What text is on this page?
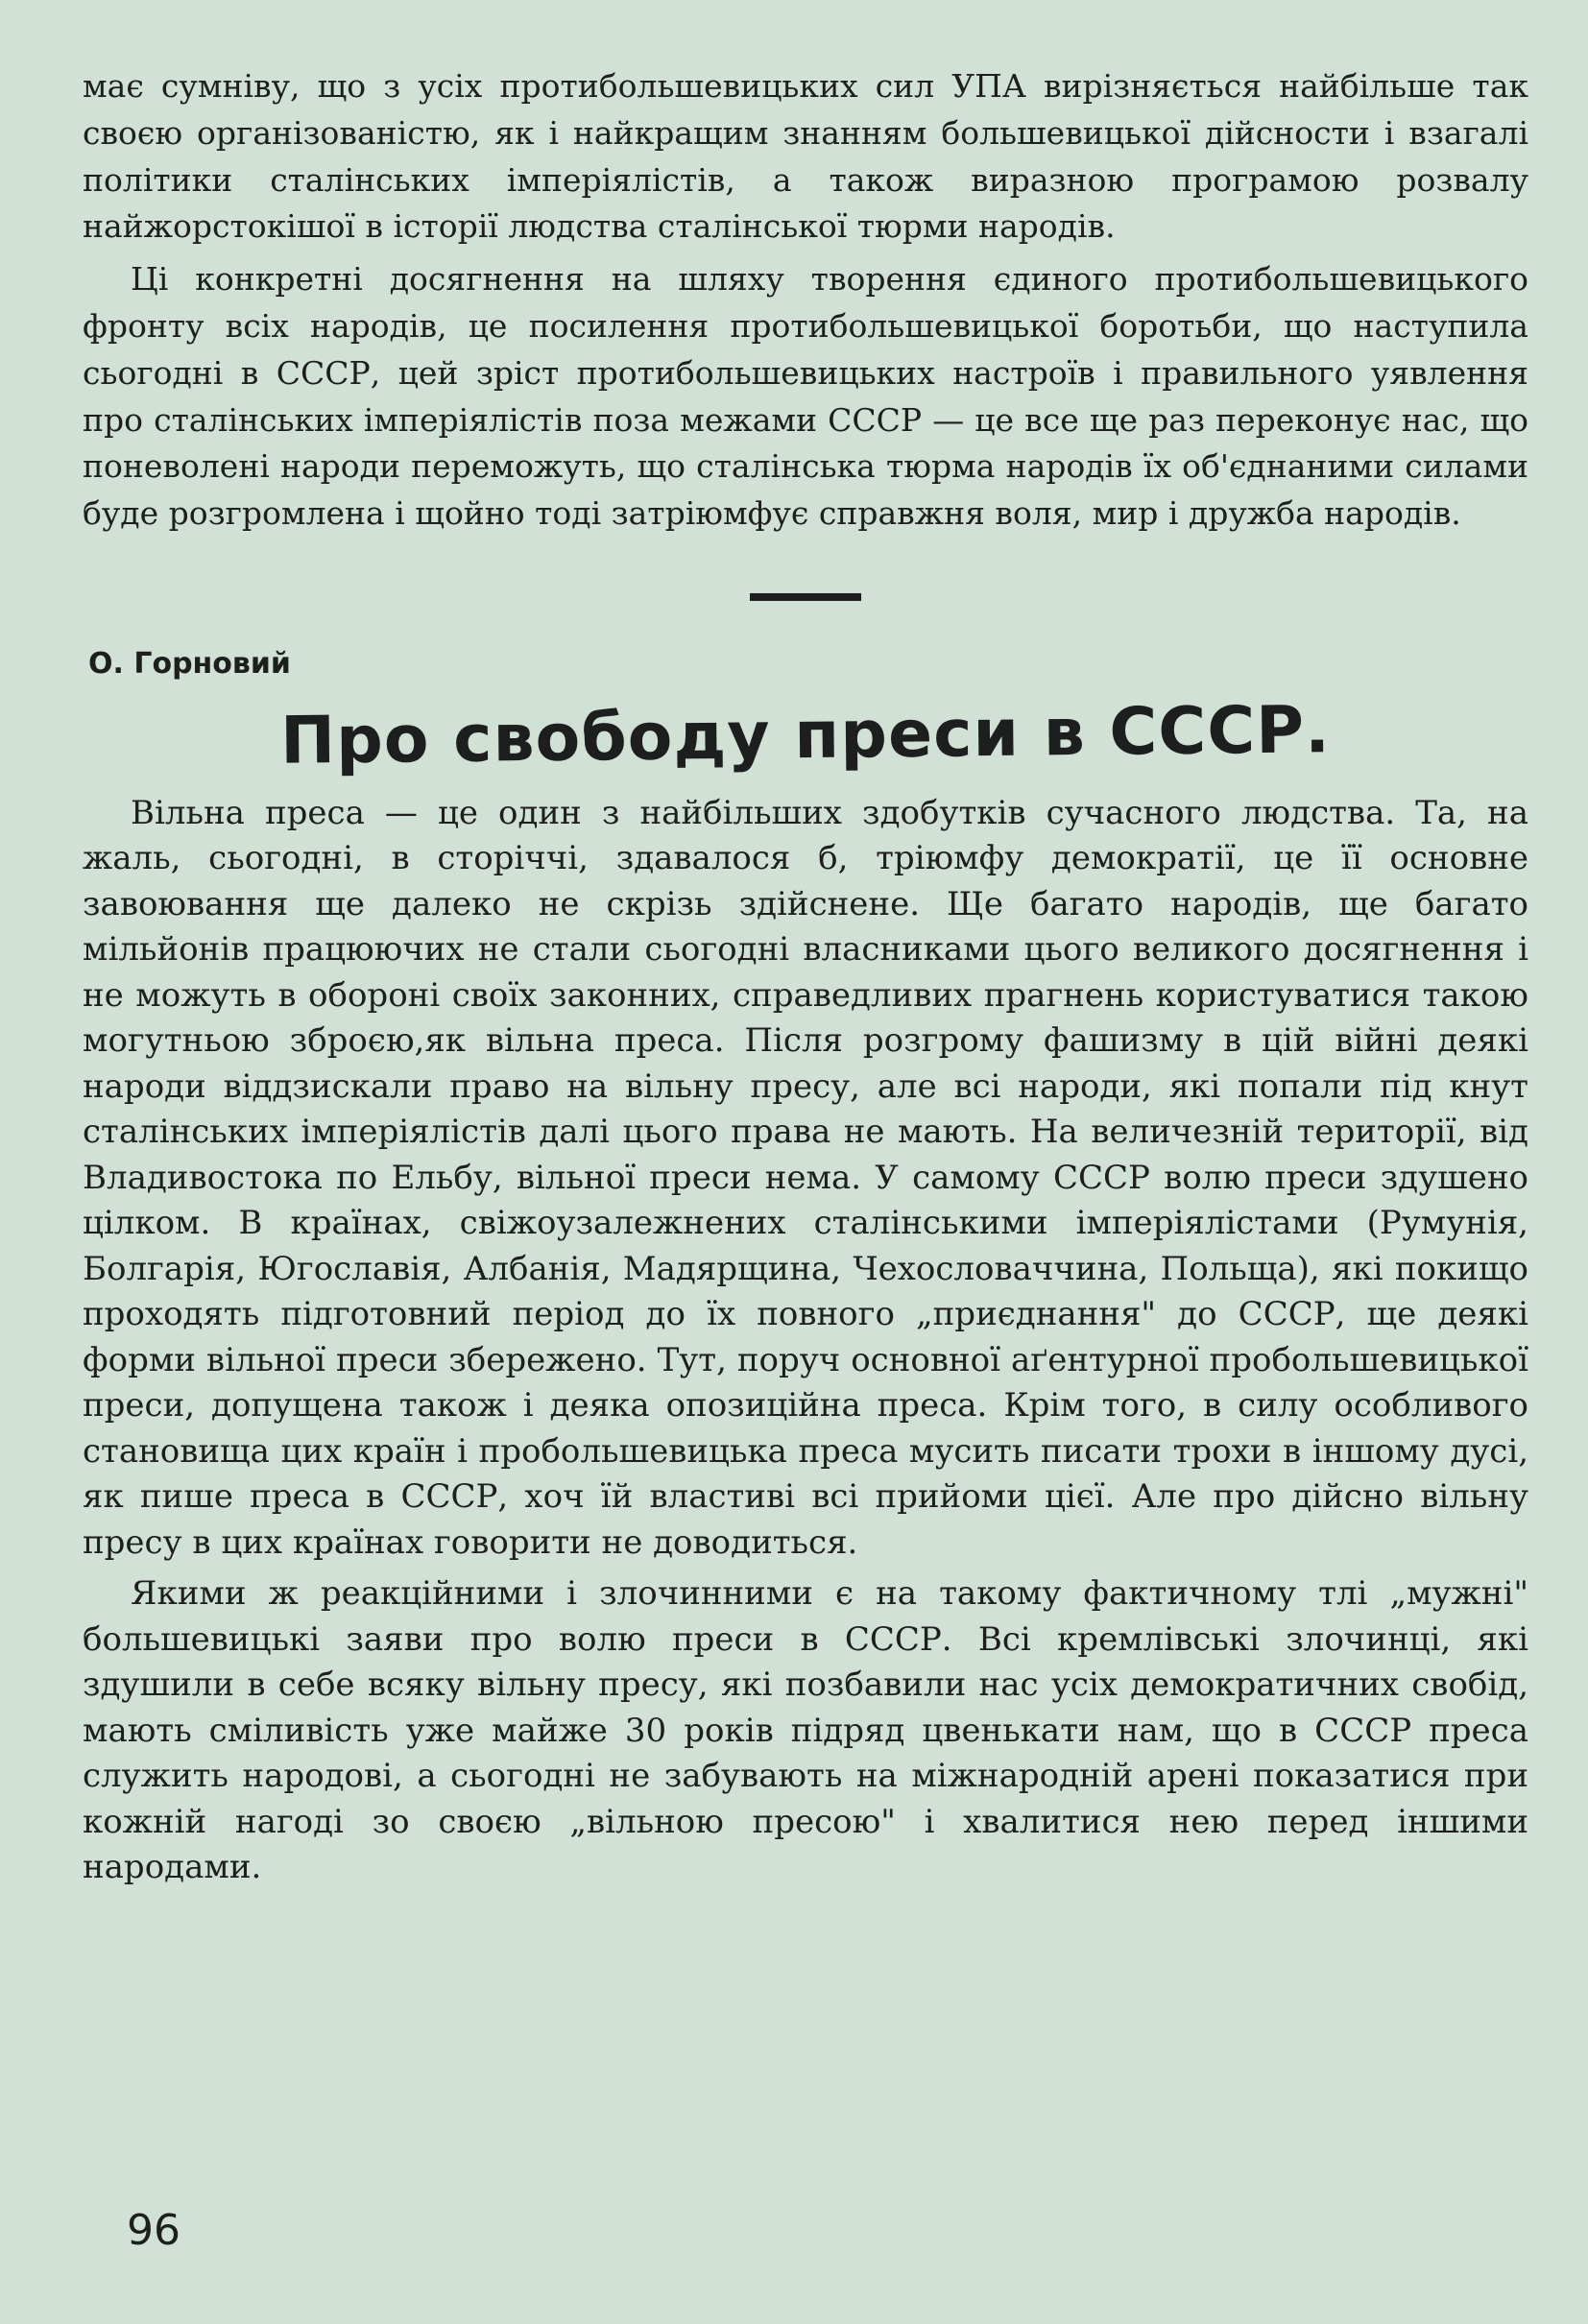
має сумніву, що з усіх протибольшевицьких сил УПА вирізняється найбільше так своєю організованістю, як і найкращим знанням большевицької дійсности і взагалі політики сталінських імперіялістів, а також виразною програмою розвалу найжорстокішої в історії людства сталінської тюрми народів.

Ці конкретні досягнення на шляху творення єдиного протибольшевицького фронту всіх народів, це посилення протибольшевицької боротьби, що наступила сьогодні в СССР, цей зріст протибольшевицьких настроїв і правильного уявлення про сталінських імперіялістів поза межами СССР — це все ще раз переконує нас, що поневолені народи переможуть, що сталінська тюрма народів їх об'єднаними силами буде розгромлена і щойно тоді затріюмфує справжня воля, мир і дружба народів.

О. Горновий
Про свободу преси в СССР.

Вільна преса — це один з найбільших здобутків сучасного людства. Та, на жаль, сьогодні, в сторіччі, здавалося б, тріюмфу демократії, це її основне завоювання ще далеко не скрізь здійснене. Ще багато народів, ще багато мільйонів працюючих не стали сьогодні власниками цього великого досягнення і не можуть в обороні своїх законних, справедливих прагнень користуватися такою могутньою зброєю,як вільна преса. Після розгрому фашизму в цій війні деякі народи віддзискали право на вільну пресу, але всі народи, які попали під кнут сталінських імперіялістів далі цього права не мають. На величезній території, від Владивостока по Ельбу, вільної преси нема. У самому СССР волю преси здушено цілком. В країнах, свіжоузалежнених сталінськими імперіялістами (Румунія, Болгарія, Югославія, Албанія, Мадярщина, Чехословаччина, Польща), які покищо проходять підготовний період до їх повного „приєднання" до СССР, ще деякі форми вільної преси збережено. Тут, поруч основної аґентурної пробольшевицької преси, допущена також і деяка опозиційна преса. Крім того, в силу особливого становища цих країн і пробольшевицька преса мусить писати трохи в іншому дусі, як пише преса в СССР, хоч їй властиві всі прийоми цієї. Але про дійсно вільну пресу в цих країнах говорити не доводиться.

Якими ж реакційними і злочинними є на такому фактичному тлі „мужні" большевицькі заяви про волю преси в СССР. Всі кремлівські злочинці, які здушили в себе всяку вільну пресу, які позбавили нас усіх демократичних свобід, мають сміливість уже майже 30 років підряд цвенькати нам, що в СССР преса служить народові, а сьогодні не забувають на міжнародній арені показатися при кожній нагоді зо своєю „вільною пресою" і хвалитися нею перед іншими народами.

96
